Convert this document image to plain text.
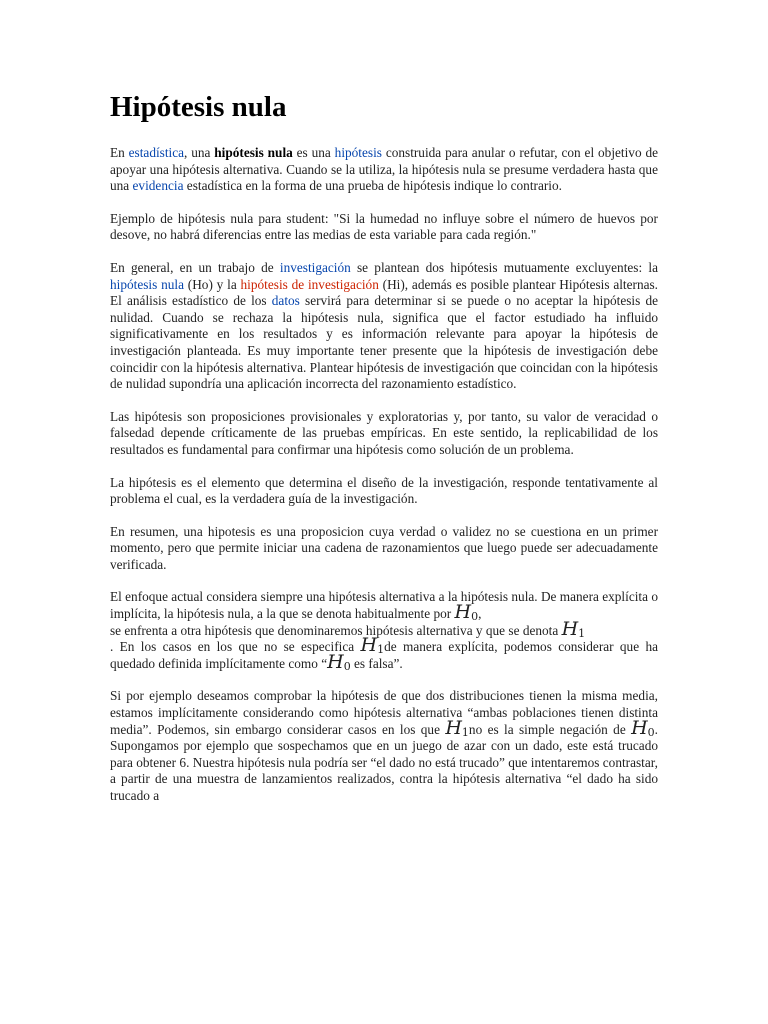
Hipótesis nula

En estadística, una hipótesis nula es una hipótesis construida para anular o refutar, con el objetivo de apoyar una hipótesis alternativa. Cuando se la utiliza, la hipótesis nula se presume verdadera hasta que una evidencia estadística en la forma de una prueba de hipótesis indique lo contrario.

Ejemplo de hipótesis nula para student: "Si la humedad no influye sobre el número de huevos por desove, no habrá diferencias entre las medias de esta variable para cada región."

En general, en un trabajo de investigación se plantean dos hipótesis mutuamente excluyentes: la hipótesis nula (Ho) y la hipótesis de investigación (Hi), además es posible plantear Hipótesis alternas. El análisis estadístico de los datos servirá para determinar si se puede o no aceptar la hipótesis de nulidad. Cuando se rechaza la hipótesis nula, significa que el factor estudiado ha influido significativamente en los resultados y es información relevante para apoyar la hipótesis de investigación planteada. Es muy importante tener presente que la hipótesis de investigación debe coincidir con la hipótesis alternativa. Plantear hipótesis de investigación que coincidan con la hipótesis de nulidad supondría una aplicación incorrecta del razonamiento estadístico.

Las hipótesis son proposiciones provisionales y exploratorias y, por tanto, su valor de veracidad o falsedad depende críticamente de las pruebas empíricas. En este sentido, la replicabilidad de los resultados es fundamental para confirmar una hipótesis como solución de un problema.

La hipótesis es el elemento que determina el diseño de la investigación, responde tentativamente al problema el cual, es la verdadera guía de la investigación.

En resumen, una hipotesis es una proposicion cuya verdad o validez no se cuestiona en un primer momento, pero que permite iniciar una cadena de razonamientos que luego puede ser adecuadamente verificada.

El enfoque actual considera siempre una hipótesis alternativa a la hipótesis nula. De manera explícita o implícita, la hipótesis nula, a la que se denota habitualmente por $H_0$,
se enfrenta a otra hipótesis que denominaremos hipótesis alternativa y que se denota $H_1$
. En los casos en los que no se especifica $H_1de$ manera explícita, podemos considerar que ha quedado definida implícitamente como “$H_0$ es falsa”.

Si por ejemplo deseamos comprobar la hipótesis de que dos distribuciones tienen la misma media, estamos implícitamente considerando como hipótesis alternativa “ambas poblaciones tienen distinta media”. Podemos, sin embargo considerar casos en los que $H_1no$ es la simple negación de $H_0$. Supongamos por ejemplo que sospechamos que en un juego de azar con un dado, este está trucado para obtener 6. Nuestra hipótesis nula podría ser “el dado no está trucado” que intentaremos contrastar, a partir de una muestra de lanzamientos realizados, contra la hipótesis alternativa “el dado ha sido trucado a
